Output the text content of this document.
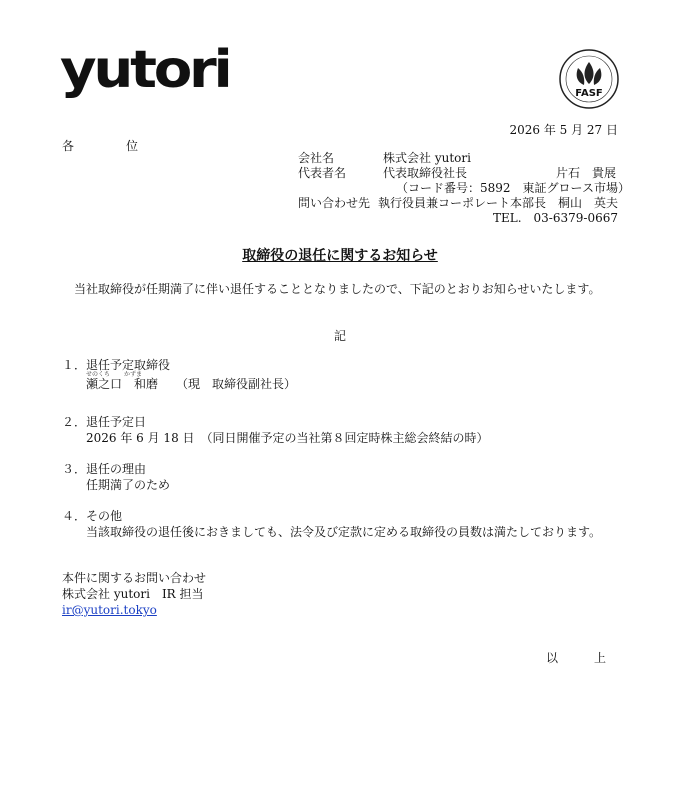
yutori	FASF
2026 年 5 月 27 日
各　位
会社名	株式会社 yutori
代表者名	代表取締役社長	片石　貴展
（コード番号：5892　東証グロース市場）
問い合わせ先 執行役員兼コーポレート本部長　桐山　英夫
TEL.　03-6379-0667
取締役の退任に関するお知らせ
当社取締役が任期満了に伴い退任することとなりましたので、下記のとおりお知らせいたします。
記
１．退任予定取締役
せのくち かずま
瀬之口　和磨　　（現　取締役副社長）
２．退任予定日
2026 年 6 月 18 日　（同日開催予定の当社第８回定時株主総会終結の時）
３．退任の理由
任期満了のため
４．その他
当該取締役の退任後におきましても、法令及び定款に定める取締役の員数は満たしております。
本件に関するお問い合わせ
株式会社 yutori　IR 担当
ir@yutori.tokyo
以　上
